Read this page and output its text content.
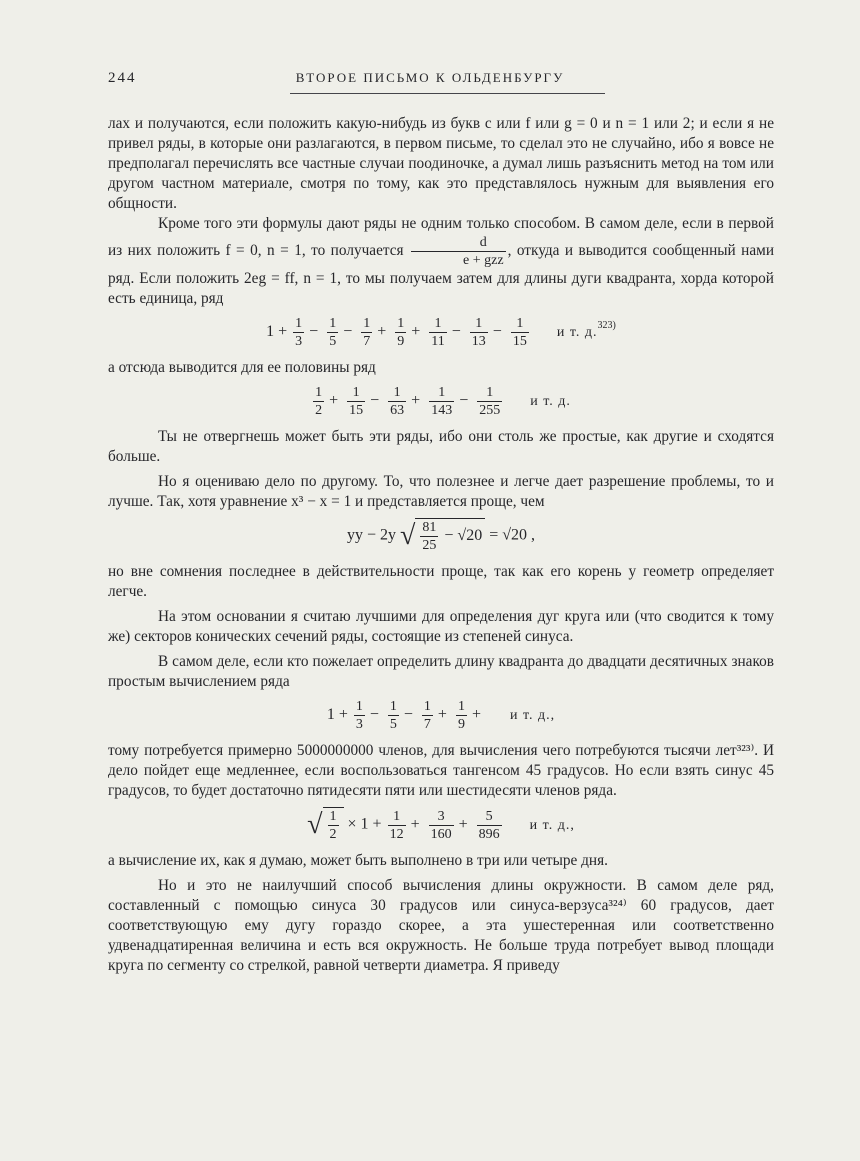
244	ВТОРОЕ ПИСЬМО К ОЛЬДЕНБУРГУ

лах и получаются, если положить какую-нибудь из букв c или f или g = 0 и n = 1 или 2; и если я не привел ряды, в которые они разлагаются, в первом письме, то сделал это не случайно, ибо я вовсе не предполагал перечислять все частные случаи поодиночке, а думал лишь разъяснить метод на том или другом частном материале, смотря по тому, как это представлялось нужным для выявления его общности.

Кроме того эти формулы дают ряды не одним только способом. В самом деле, если в первой из них положить f = 0, n = 1, то получается $\frac{d}{\text{e + gzz}}$ , откуда и выводится сообщенный нами ряд. Если положить 2eg = ff, n = 1, то мы получаем затем для длины дуги квадранта, хорда которой есть единица, ряд

$1 + \frac{1}{3} - \frac{1}{5} - \frac{1}{7} + \frac{1}{9} + \frac{1}{11} - \frac{1}{13} - \frac{1}{15}$ и т. д.$^{323)}$

а отсюда выводится для ее половины ряд

$\frac{1}{2} + \frac{1}{15} - \frac{1}{63} + \frac{1}{143} - \frac{1}{255}$ и т. д.

Ты не отвергнешь может быть эти ряды, ибо они столь же простые, как другие и сходятся больше.

Но я оцениваю дело по другому. То, что полезнее и легче дает разрешение проблемы, то и лучше. Так, хотя уравнение x³ − x = 1 и представляется проще, чем

yy − 2y √ $\frac{81}{25} - √20 = √20$ ,

но вне сомнения последнее в действительности проще, так как его корень y геометр определяет легче.

На этом основании я считаю лучшими для определения дуг круга или (что сводится к тому же) секторов конических сечений ряды, состоящие из степеней синуса.

В самом деле, если кто пожелает определить длину квадранта до двадцати десятичных знаков простым вычислением ряда

$1 + \frac{1}{3} - \frac{1}{5} - \frac{1}{7} + \frac{1}{9} + и$ т. д.,

тому потребуется примерно 5000000000 членов, для вычисления чего потребуются тысячи лет³²³⁾. И дело пойдет еще медленнее, если воспользоваться тангенсом 45 градусов. Но если взять синус 45 градусов, то будет достаточно пятидесяти пяти или шестидесяти членов ряда.

√ $\frac{1}{2} \times 1 + \frac{1}{12} + \frac{3}{160} + \frac{5}{896}$ и т. д.,

а вычисление их, как я думаю, может быть выполнено в три или четыре дня.

Но и это не наилучший способ вычисления длины окружности. В самом деле ряд, составленный с помощью синуса 30 градусов или синуса-верзуса³²⁴⁾ 60 градусов, дает соответствующую ему дугу гораздо скорее, а эта ушестеренная или соответственно удвенадцатиренная величина и есть вся окружность. Не больше труда потребует вывод площади круга по сегменту со стрелкой, равной четверти диаметра. Я приведу
